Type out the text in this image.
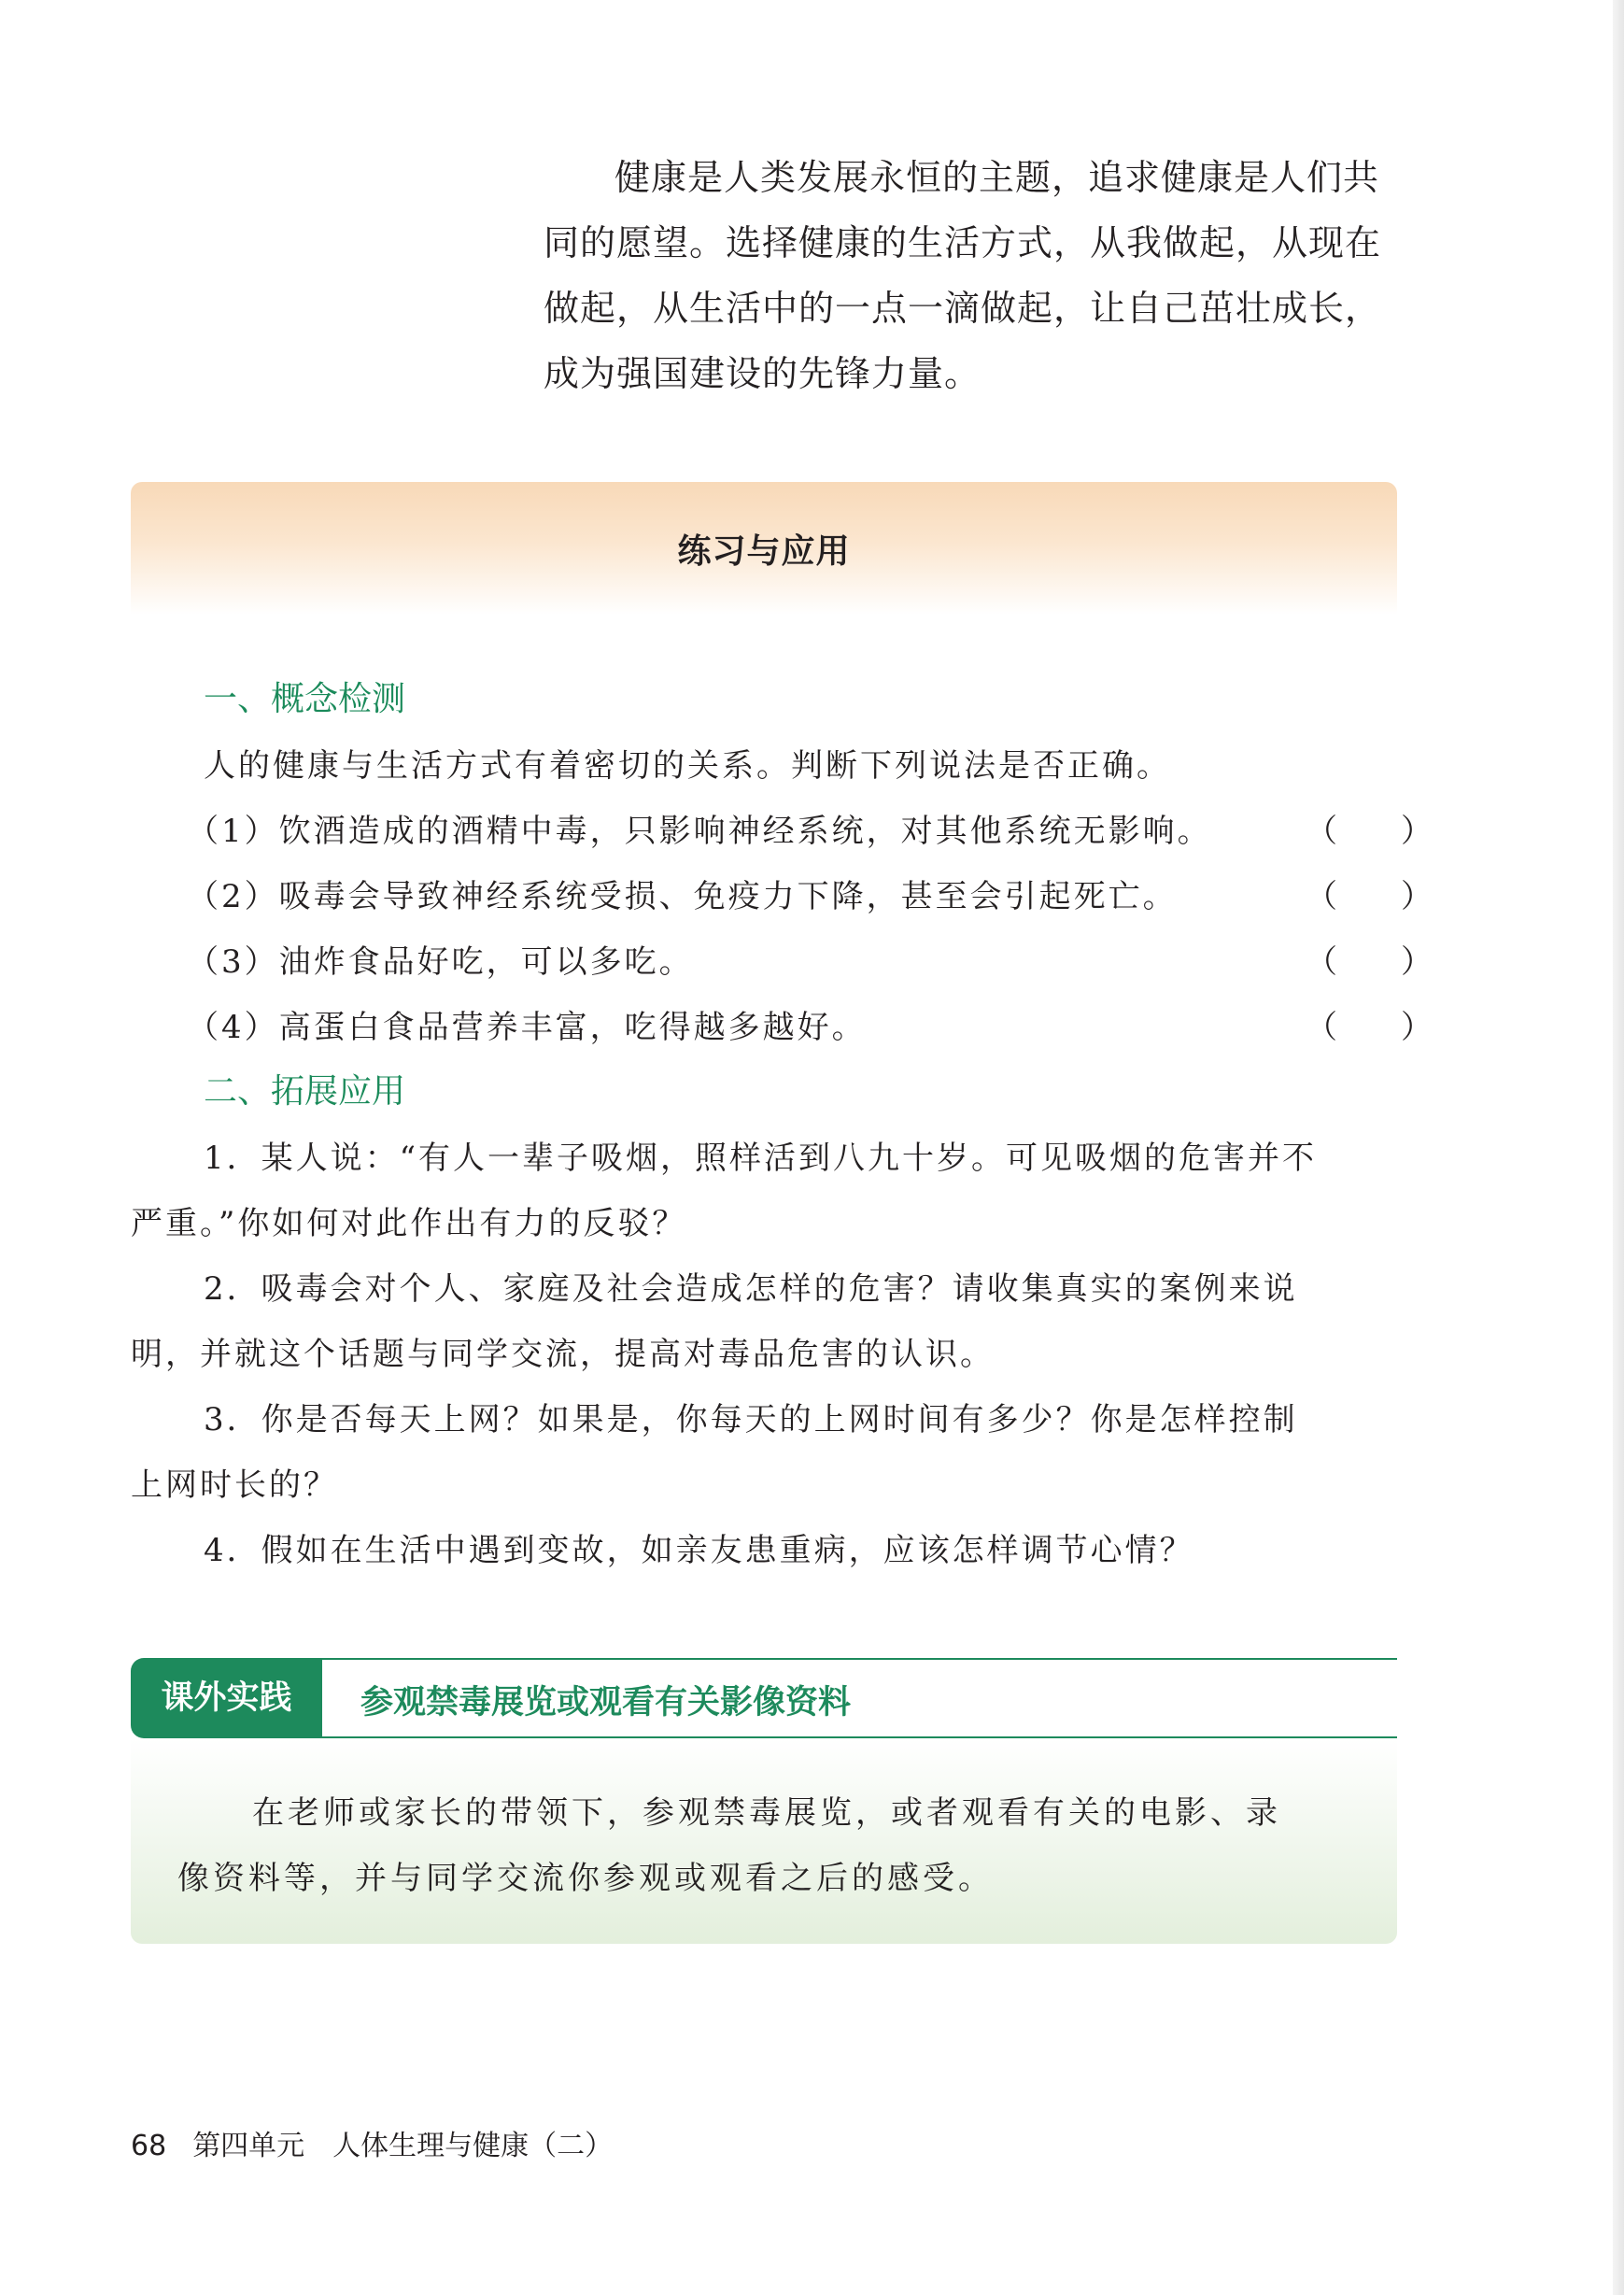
健康是人类发展永恒的主题，追求健康是人们共
同的愿望。选择健康的生活方式，从我做起，从现在
做起，从生活中的一点一滴做起，让自己茁壮成长，
成为强国建设的先锋力量。
练习与应用
一、概念检测
人的健康与生活方式有着密切的关系。判断下列说法是否正确。
（1）饮酒造成的酒精中毒，只影响神经系统，对其他系统无影响。	（　　）
（2）吸毒会导致神经系统受损、免疫力下降，甚至会引起死亡。	（　　）
（3）油炸食品好吃，可以多吃。	（　　）
（4）高蛋白食品营养丰富，吃得越多越好。	（　　）
二、拓展应用
1．某人说：“有人一辈子吸烟，照样活到八九十岁。可见吸烟的危害并不
严重。”你如何对此作出有力的反驳？
2．吸毒会对个人、家庭及社会造成怎样的危害？请收集真实的案例来说
明，并就这个话题与同学交流，提高对毒品危害的认识。
3．你是否每天上网？如果是，你每天的上网时间有多少？你是怎样控制
上网时长的？
4．假如在生活中遇到变故，如亲友患重病，应该怎样调节心情？
课外实践	参观禁毒展览或观看有关影像资料
在老师或家长的带领下，参观禁毒展览，或者观看有关的电影、录
像资料等，并与同学交流你参观或观看之后的感受。
68 第四单元　人体生理与健康（二）
